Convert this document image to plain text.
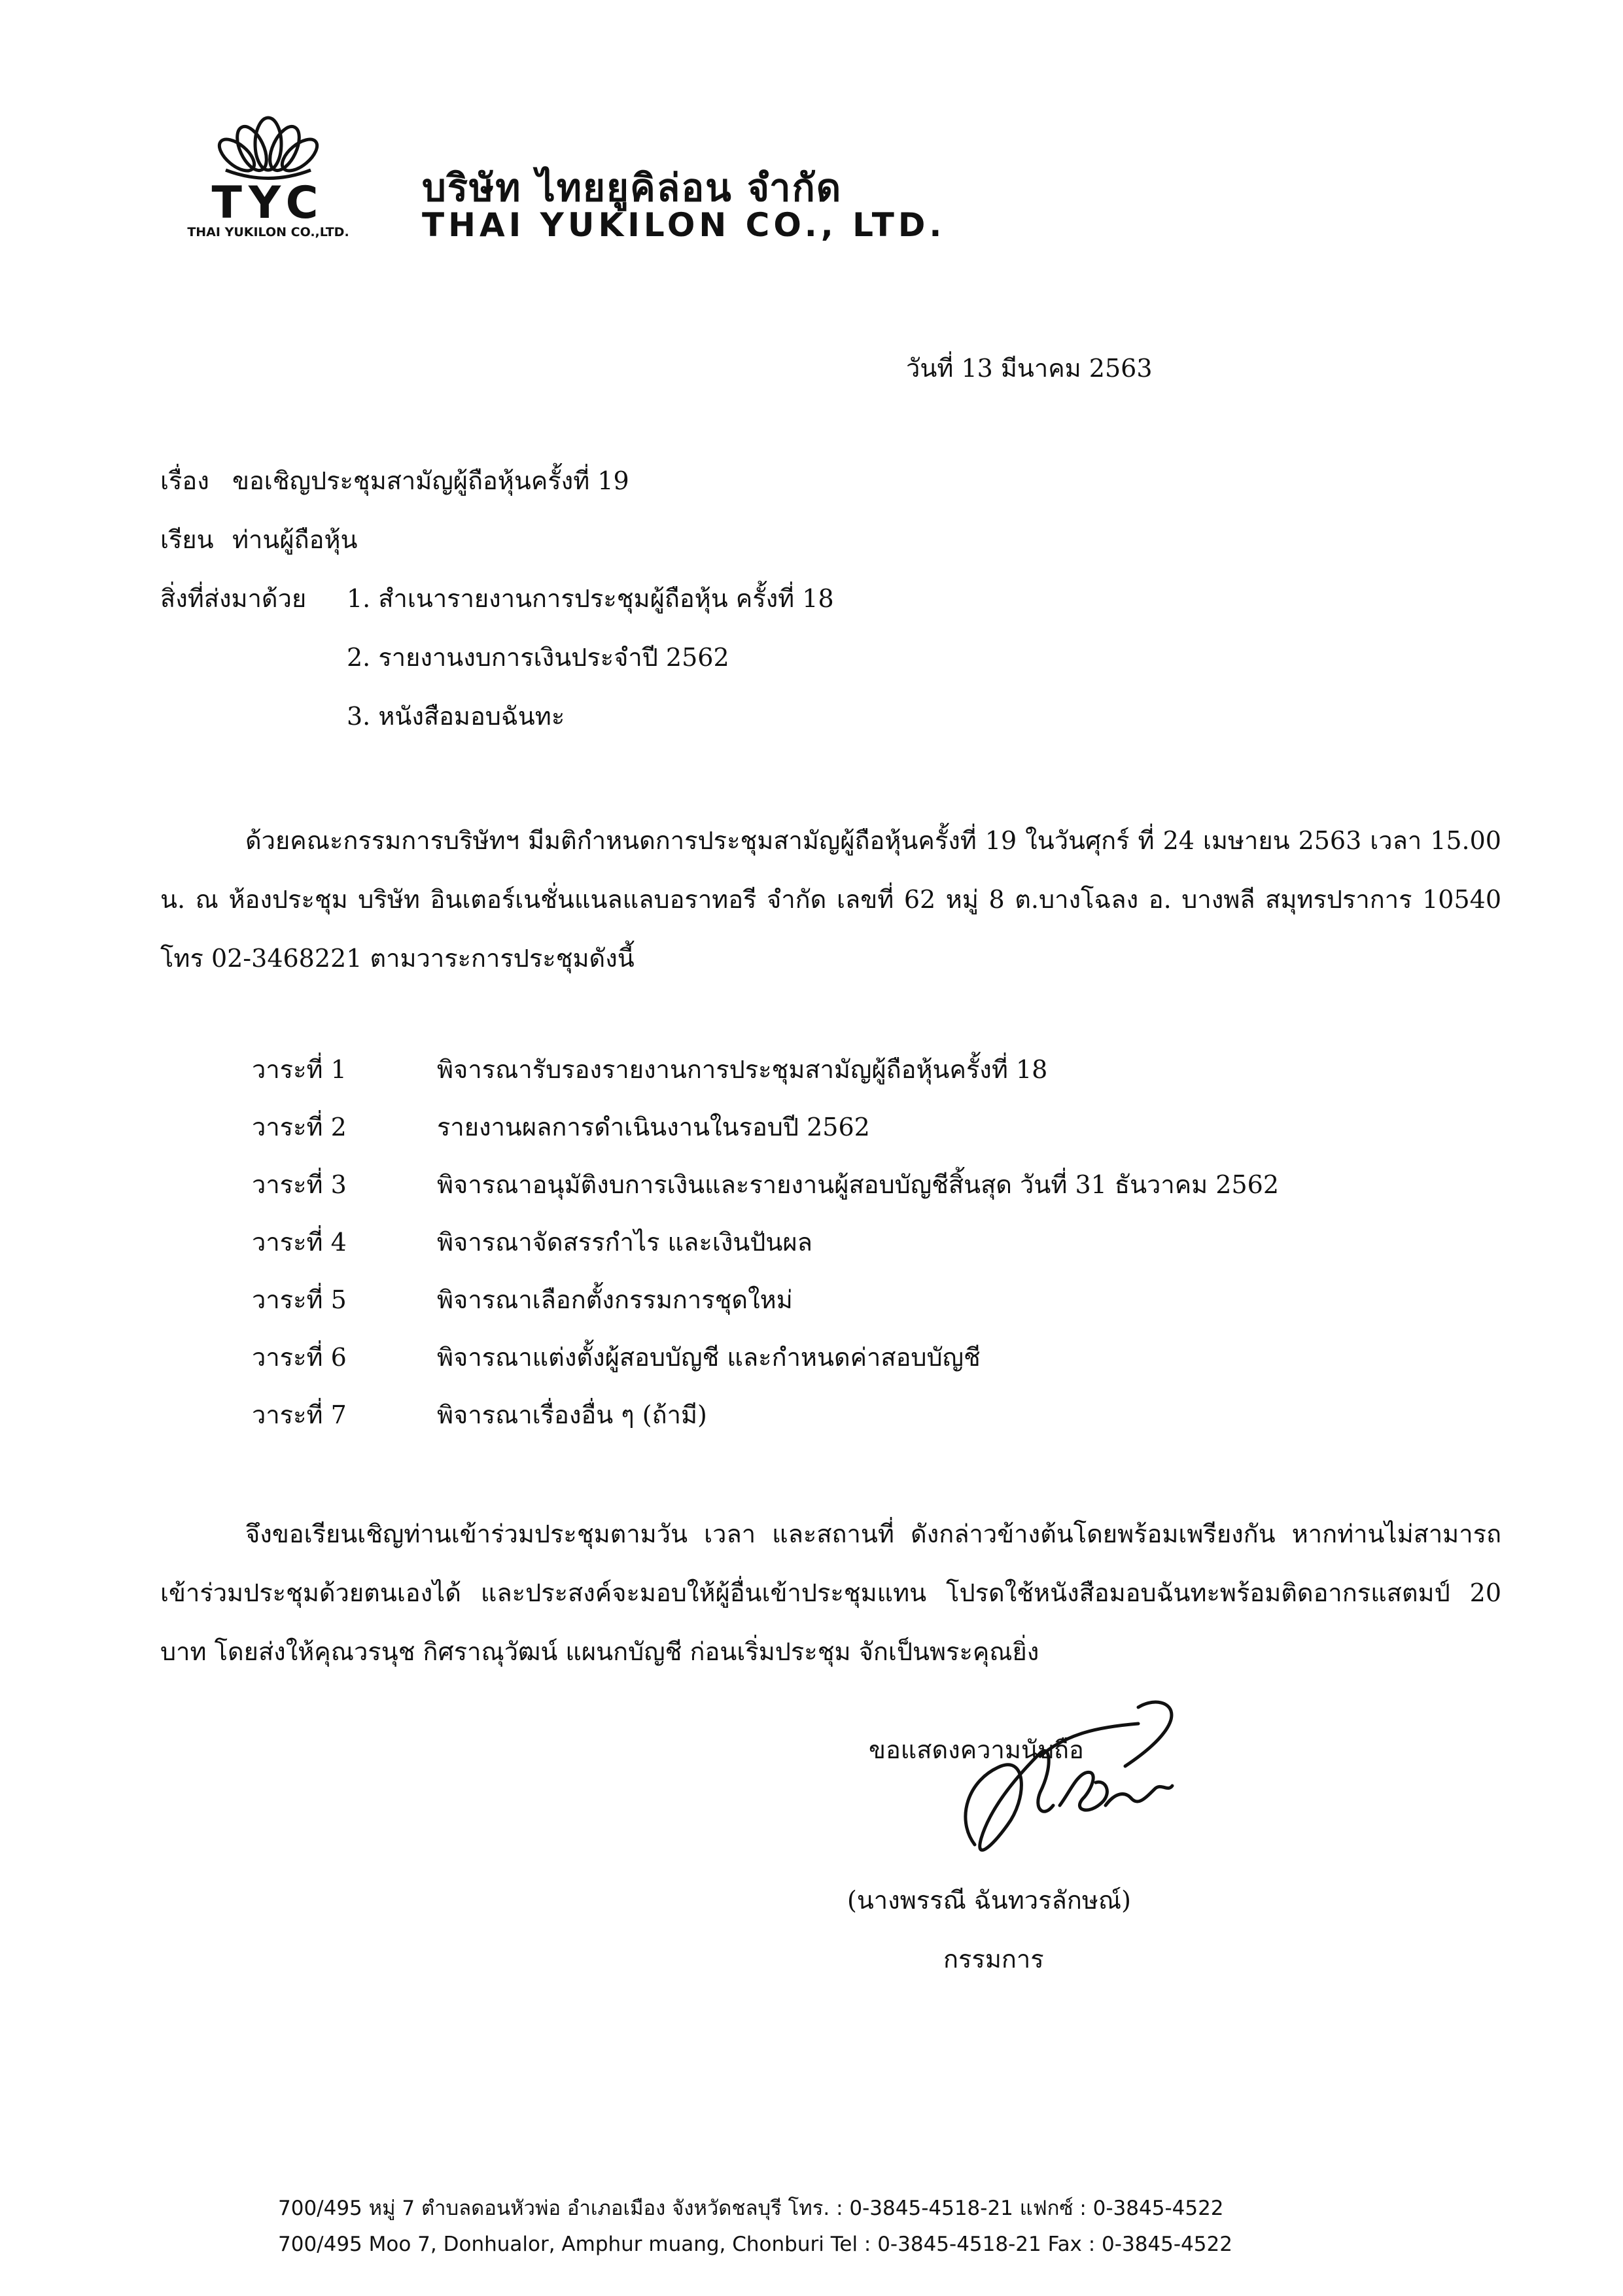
TYC
THAI YUKILON CO.,LTD.
บริษัท ไทยยูคิล่อน จำกัด
THAI YUKILON CO., LTD.
วันที่ 13 มีนาคม 2563
เรื่อง ขอเชิญประชุมสามัญผู้ถือหุ้นครั้งที่ 19
เรียน ท่านผู้ถือหุ้น
สิ่งที่ส่งมาด้วย 1. สำเนารายงานการประชุมผู้ถือหุ้น ครั้งที่ 18
2. รายงานงบการเงินประจำปี 2562
3. หนังสือมอบฉันทะ
ด้วยคณะกรรมการบริษัทฯ มีมติกำหนดการประชุมสามัญผู้ถือหุ้นครั้งที่ 19 ในวันศุกร์ ที่ 24 เมษายน 2563 เวลา 15.00 น. ณ ห้องประชุม บริษัท อินเตอร์เนชั่นแนลแลบอราทอรี จำกัด เลขที่ 62 หมู่ 8 ต.บางโฉลง อ. บางพลี สมุทรปราการ 10540 โทร 02-3468221 ตามวาระการประชุมดังนี้
วาระที่ 1	พิจารณารับรองรายงานการประชุมสามัญผู้ถือหุ้นครั้งที่ 18
วาระที่ 2	รายงานผลการดำเนินงานในรอบปี 2562
วาระที่ 3	พิจารณาอนุมัติงบการเงินและรายงานผู้สอบบัญชีสิ้นสุด วันที่ 31 ธันวาคม 2562
วาระที่ 4	พิจารณาจัดสรรกำไร และเงินปันผล
วาระที่ 5	พิจารณาเลือกตั้งกรรมการชุดใหม่
วาระที่ 6	พิจารณาแต่งตั้งผู้สอบบัญชี และกำหนดค่าสอบบัญชี
วาระที่ 7	พิจารณาเรื่องอื่น ๆ (ถ้ามี)
จึงขอเรียนเชิญท่านเข้าร่วมประชุมตามวัน เวลา และสถานที่ ดังกล่าวข้างต้นโดยพร้อมเพรียงกัน หากท่านไม่สามารถเข้าร่วมประชุมด้วยตนเองได้ และประสงค์จะมอบให้ผู้อื่นเข้าประชุมแทน โปรดใช้หนังสือมอบฉันทะพร้อมติดอากรแสตมป์ 20 บาท โดยส่งให้คุณวรนุช กิศราณุวัฒน์ แผนกบัญชี ก่อนเริ่มประชุม จักเป็นพระคุณยิ่ง
ขอแสดงความนับถือ
(นางพรรณี ฉันทวรลักษณ์)
กรรมการ
700/495 หมู่ 7 ตำบลดอนหัวพ่อ อำเภอเมือง จังหวัดชลบุรี โทร. : 0-3845-4518-21 แฟกซ์ : 0-3845-4522
700/495 Moo 7, Donhualor, Amphur muang, Chonburi Tel : 0-3845-4518-21 Fax : 0-3845-4522
